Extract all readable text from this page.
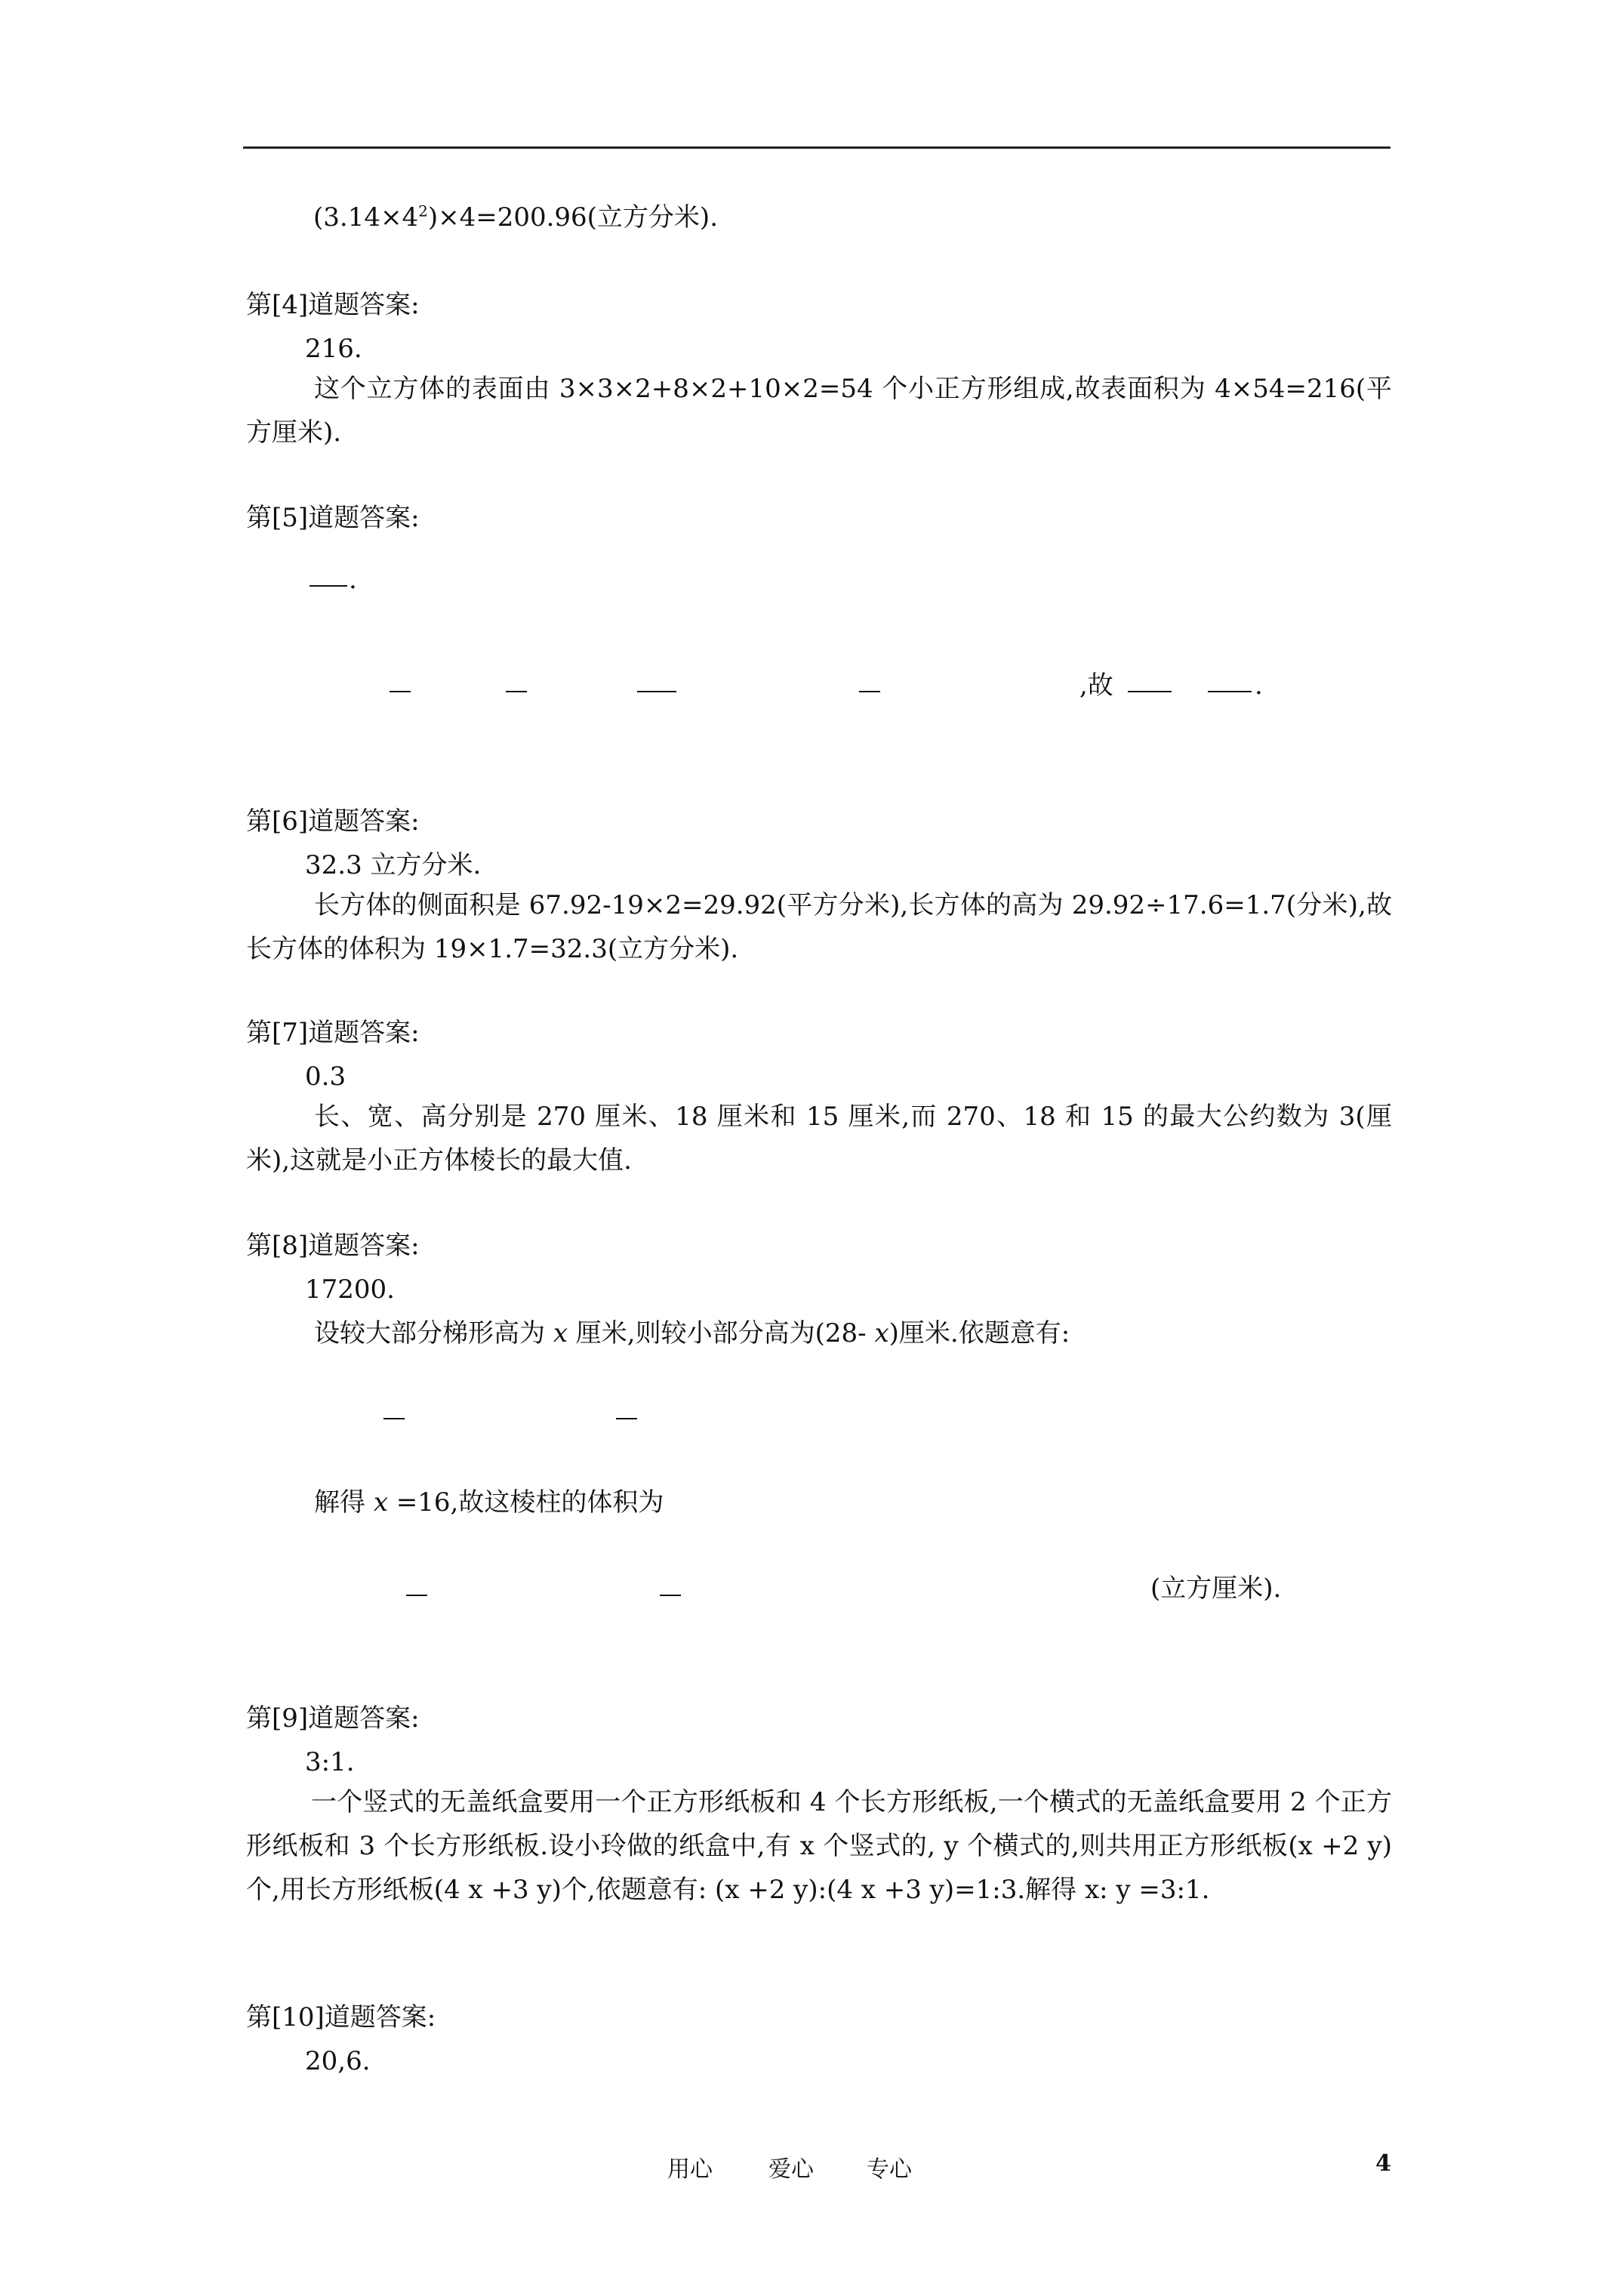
$(3.14\times 4^2)\times 4=200.96$(立方分米).
第[4]道题答案:
216.
这个立方体的表面由 3×3×2+8×2+10×2=54 个小正方形组成,故表面积为 4×54=216(平方厘米).
第[5]道题答案:
.
,故	.
第[6]道题答案:
32.3 立方分米.
长方体的侧面积是 67.92-19×2=29.92(平方分米),长方体的高为 29.92÷17.6=1.7(分米),故长方体的体积为 19×1.7=32.3(立方分米).
第[7]道题答案:
0.3
长、宽、高分别是 270 厘米、18 厘米和 15 厘米,而 270、18 和 15 的最大公约数为 3(厘米),这就是小正方体棱长的最大值.
第[8]道题答案:
17200.
设较大部分梯形高为 x 厘米,则较小部分高为(28- x)厘米.依题意有:
解得 x =16,故这棱柱的体积为
(立方厘米).
第[9]道题答案:
3:1.
一个竖式的无盖纸盒要用一个正方形纸板和 4 个长方形纸板,一个横式的无盖纸盒要用 2 个正方形纸板和 3 个长方形纸板.设小玲做的纸盒中,有 x 个竖式的, y 个横式的,则共用正方形纸板(x +2 y)个,用长方形纸板(4 x +3 y)个,依题意有: (x +2 y):(4 x +3 y)=1:3.解得 x: y =3:1.
第[10]道题答案:
20,6.
用心 爱心 专心	4
